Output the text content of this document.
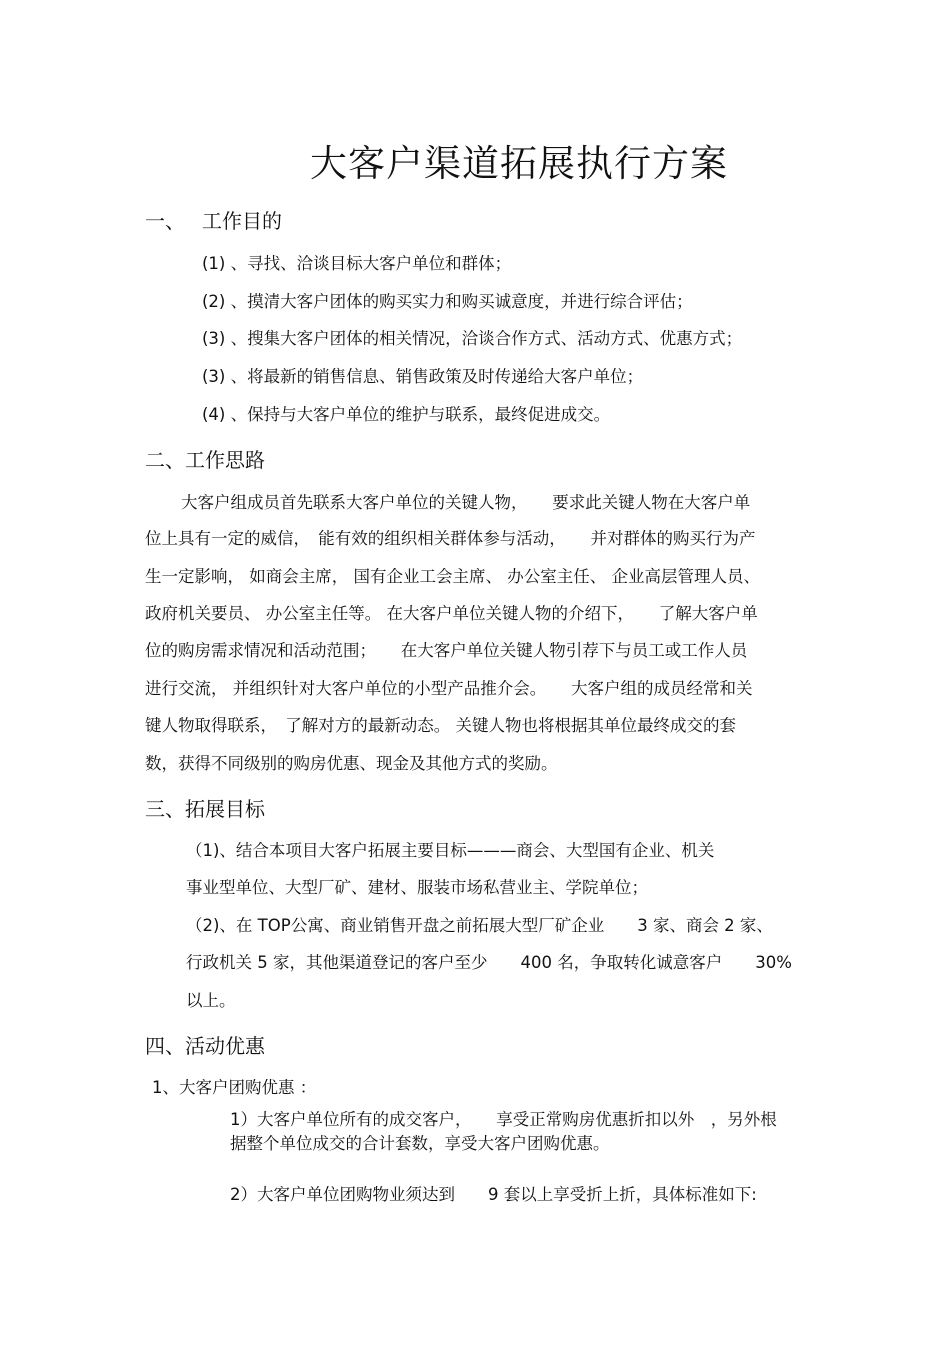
大客户渠道拓展执行方案
一、 工作目的
(1) 、寻找、洽谈目标大客户单位和群体；
(2) 、摸清大客户团体的购买实力和购买诚意度，并进行综合评估；
(3) 、搜集大客户团体的相关情况，洽谈合作方式、活动方式、优惠方式；
(3) 、将最新的销售信息、销售政策及时传递给大客户单位；
(4) 、保持与大客户单位的维护与联系，最终促进成交。
二、工作思路
大客户组成员首先联系大客户单位的关键人物，　　要求此关键人物在大客户单
位上具有一定的威信，　能有效的组织相关群体参与活动，　　并对群体的购买行为产
生一定影响， 如商会主席， 国有企业工会主席、 办公室主任、 企业高层管理人员、
政府机关要员、 办公室主任等。 在大客户单位关键人物的介绍下，　　了解大客户单
位的购房需求情况和活动范围；　　在大客户单位关键人物引荐下与员工或工作人员
进行交流， 并组织针对大客户单位的小型产品推介会。　　大客户组的成员经常和关
键人物取得联系，　了解对方的最新动态。 关键人物也将根据其单位最终成交的套
数，获得不同级别的购房优惠、现金及其他方式的奖励。
三、拓展目标
（1)、结合本项目大客户拓展主要目标———商会、大型国有企业、机关
事业型单位、大型厂矿、建材、服装市场私营业主、学院单位；
（2)、在 TOP公寓、商业销售开盘之前拓展大型厂矿企业　　3 家、商会 2 家、
行政机关 5 家，其他渠道登记的客户至少　　400 名，争取转化诚意客户　　30%
以上。
四、活动优惠
1、大客户团购优惠 ：
1）大客户单位所有的成交客户，　　享受正常购房优惠折扣以外　，另外根
据整个单位成交的合计套数，享受大客户团购优惠。
2）大客户单位团购物业须达到　　9 套以上享受折上折，具体标准如下:
